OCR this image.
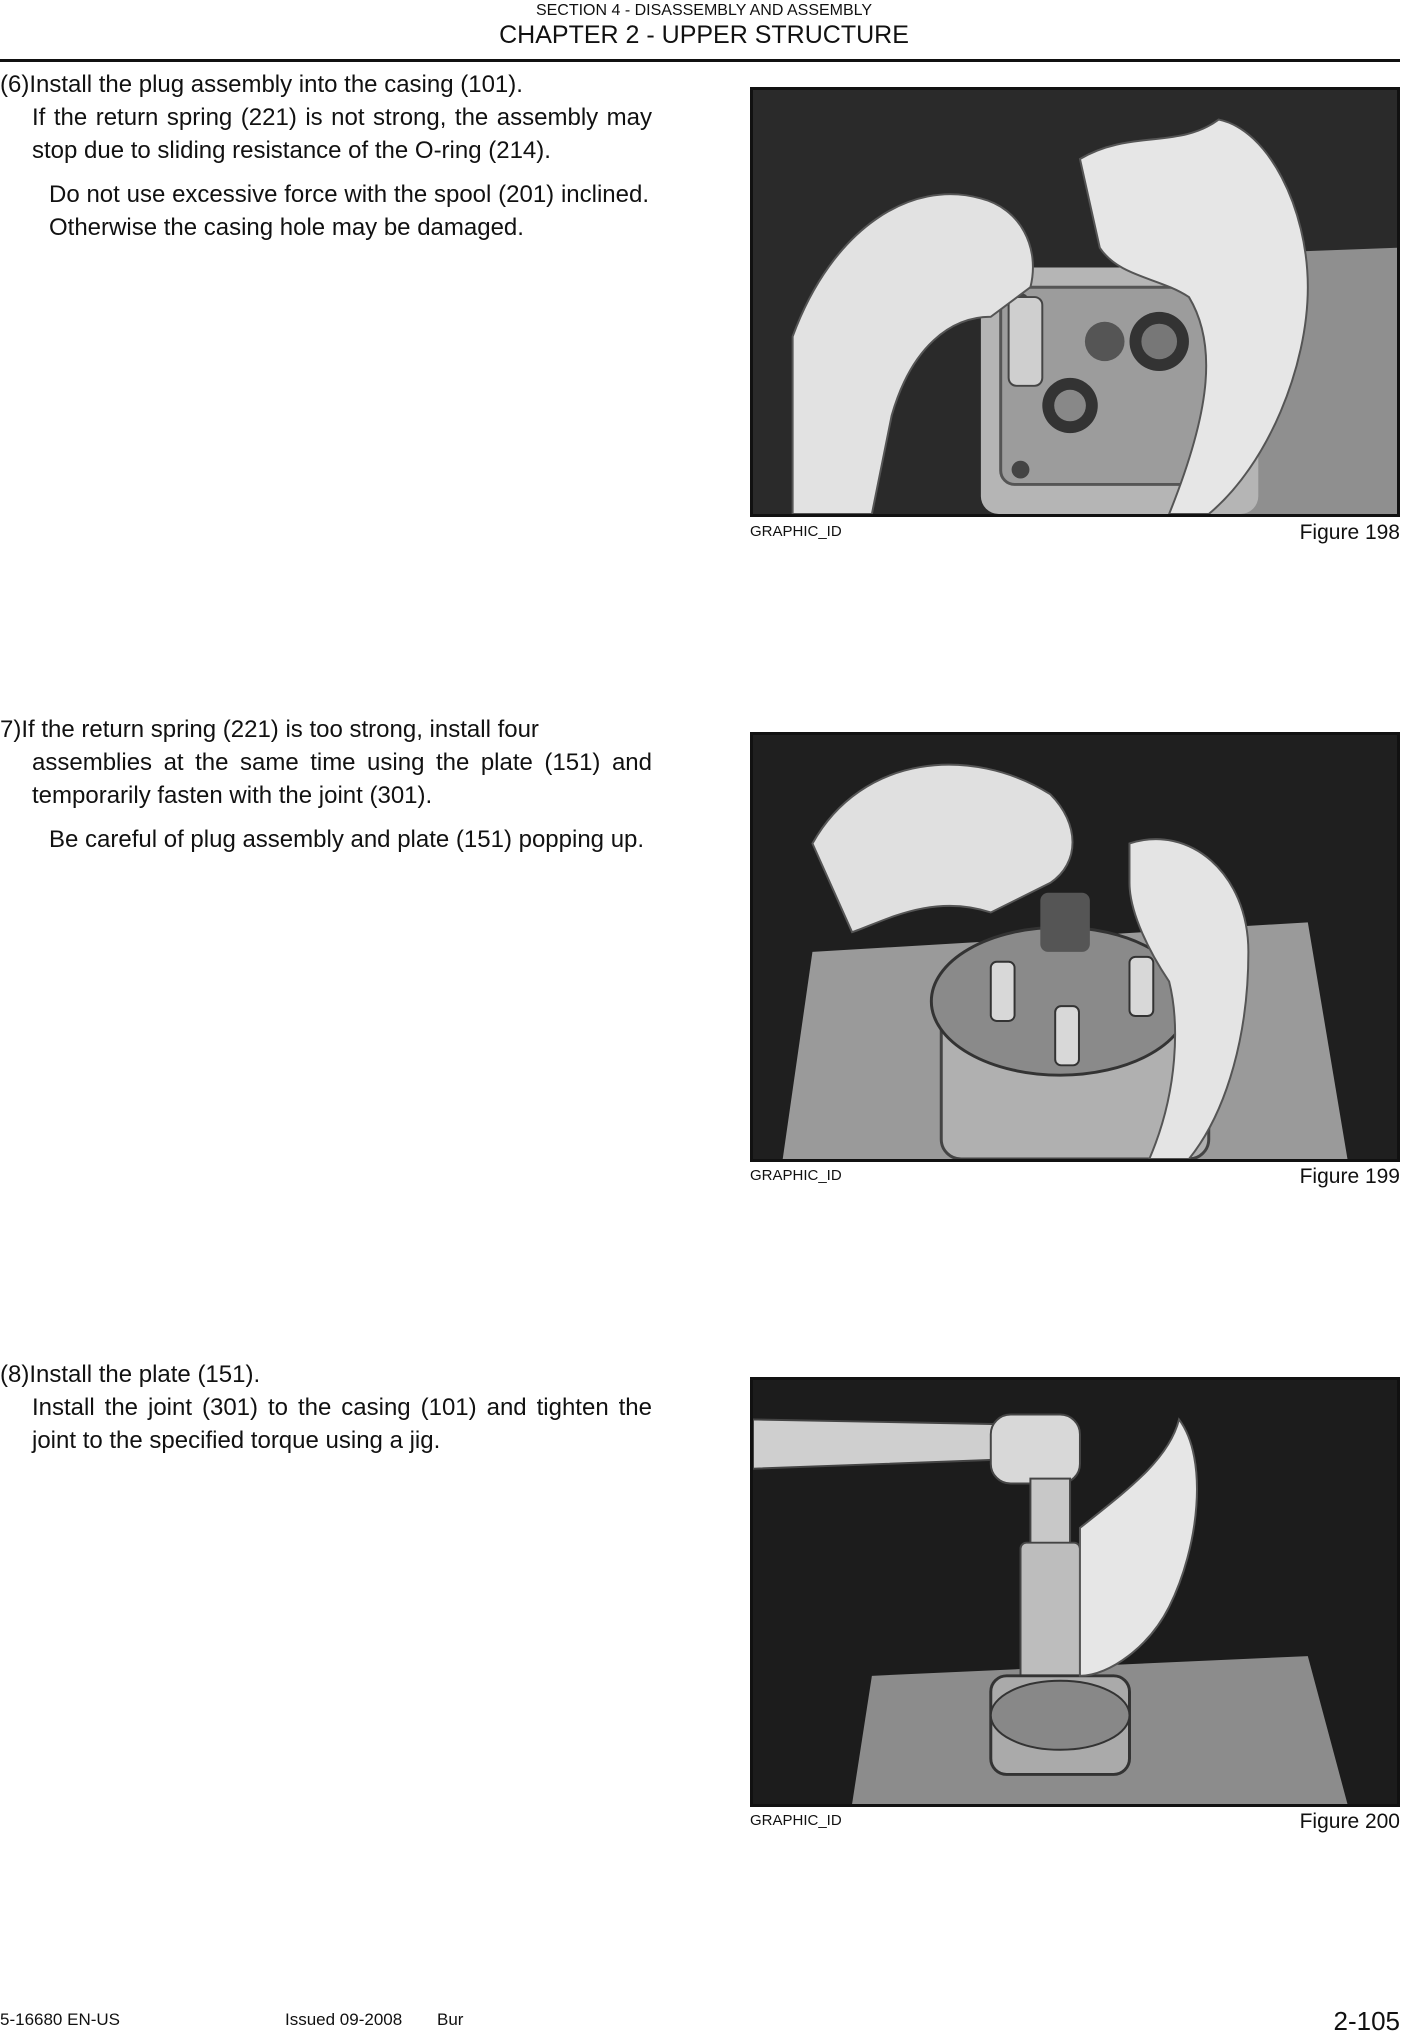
SECTION 4 - DISASSEMBLY AND ASSEMBLY
CHAPTER 2 - UPPER STRUCTURE
(6)Install the plug assembly into the casing (101).
If the return spring (221) is not strong, the assembly may stop due to sliding resistance of the O-ring (214).
Do not use excessive force with the spool (201) inclined. Otherwise the casing hole may be damaged.
GRAPHIC_ID	Figure 198
7)If the return spring (221) is too strong, install four
assemblies at the same time using the plate (151) and temporarily fasten with the joint (301).
Be careful of plug assembly and plate (151) popping up.
GRAPHIC_ID	Figure 199
(8)Install the plate (151).
Install the joint (301) to the casing (101) and tighten the joint to the specified torque using a jig.
GRAPHIC_ID	Figure 200
5-16680 EN-US	Issued 09-2008 Bur	2-105
